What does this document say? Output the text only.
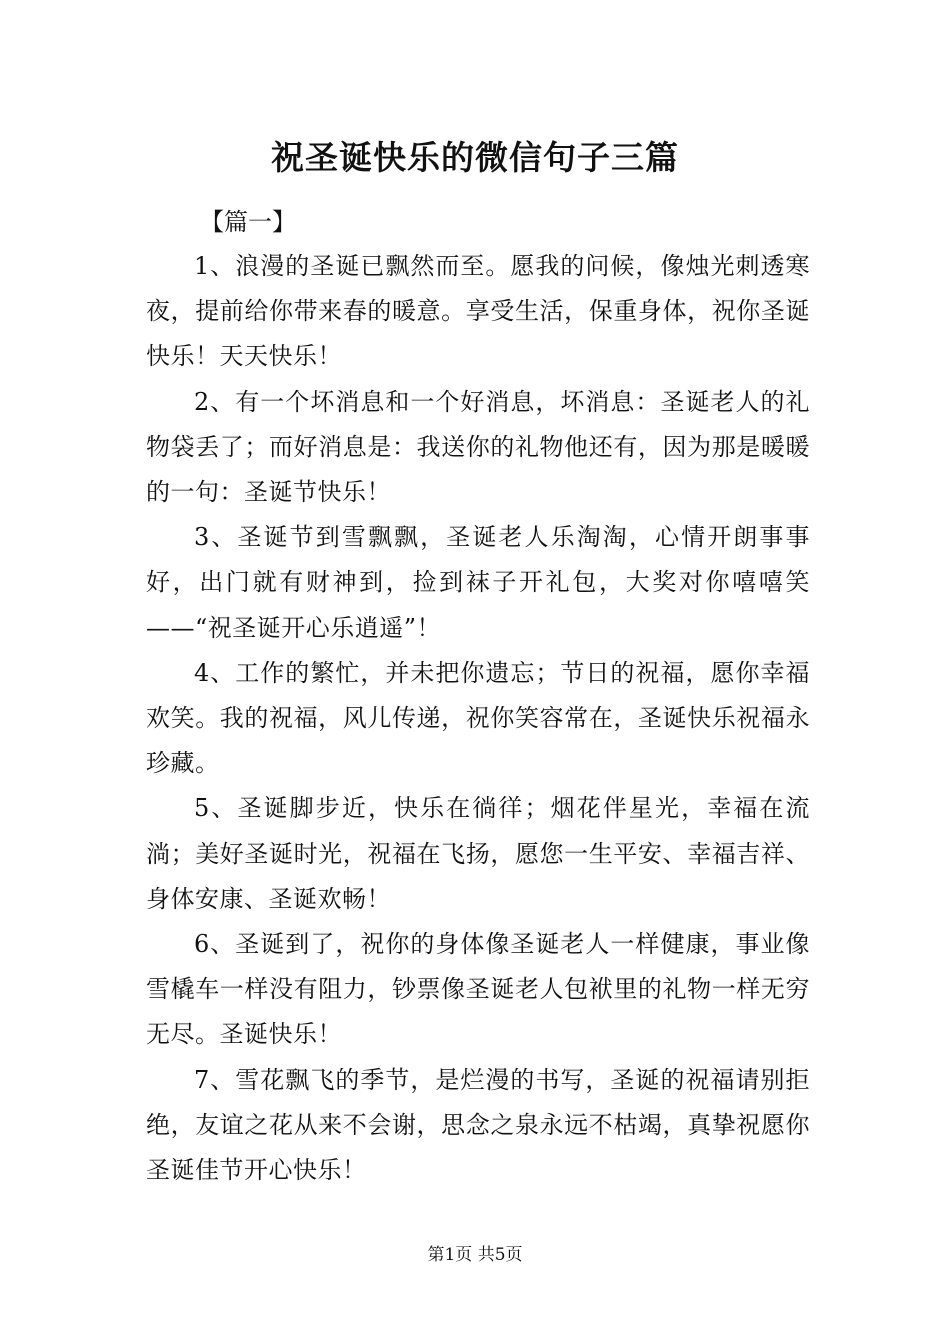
祝圣诞快乐的微信句子三篇

【篇一】

1、浪漫的圣诞已飘然而至。愿我的问候，像烛光刺透寒夜，提前给你带来春的暖意。享受生活，保重身体，祝你圣诞快乐！天天快乐！

2、有一个坏消息和一个好消息，坏消息：圣诞老人的礼物袋丢了；而好消息是：我送你的礼物他还有，因为那是暖暖的一句：圣诞节快乐！

3、圣诞节到雪飘飘，圣诞老人乐淘淘，心情开朗事事好，出门就有财神到，捡到袜子开礼包，大奖对你嘻嘻笑——“祝圣诞开心乐逍遥”！

4、工作的繁忙，并未把你遗忘；节日的祝福，愿你幸福欢笑。我的祝福，风儿传递，祝你笑容常在，圣诞快乐祝福永珍藏。

5、圣诞脚步近，快乐在徜徉；烟花伴星光，幸福在流淌；美好圣诞时光，祝福在飞扬，愿您一生平安、幸福吉祥、身体安康、圣诞欢畅！

6、圣诞到了，祝你的身体像圣诞老人一样健康，事业像雪橇车一样没有阻力，钞票像圣诞老人包袱里的礼物一样无穷无尽。圣诞快乐！

7、雪花飘飞的季节，是烂漫的书写，圣诞的祝福请别拒绝，友谊之花从来不会谢，思念之泉永远不枯竭，真挚祝愿你圣诞佳节开心快乐！

第1页 共5页
